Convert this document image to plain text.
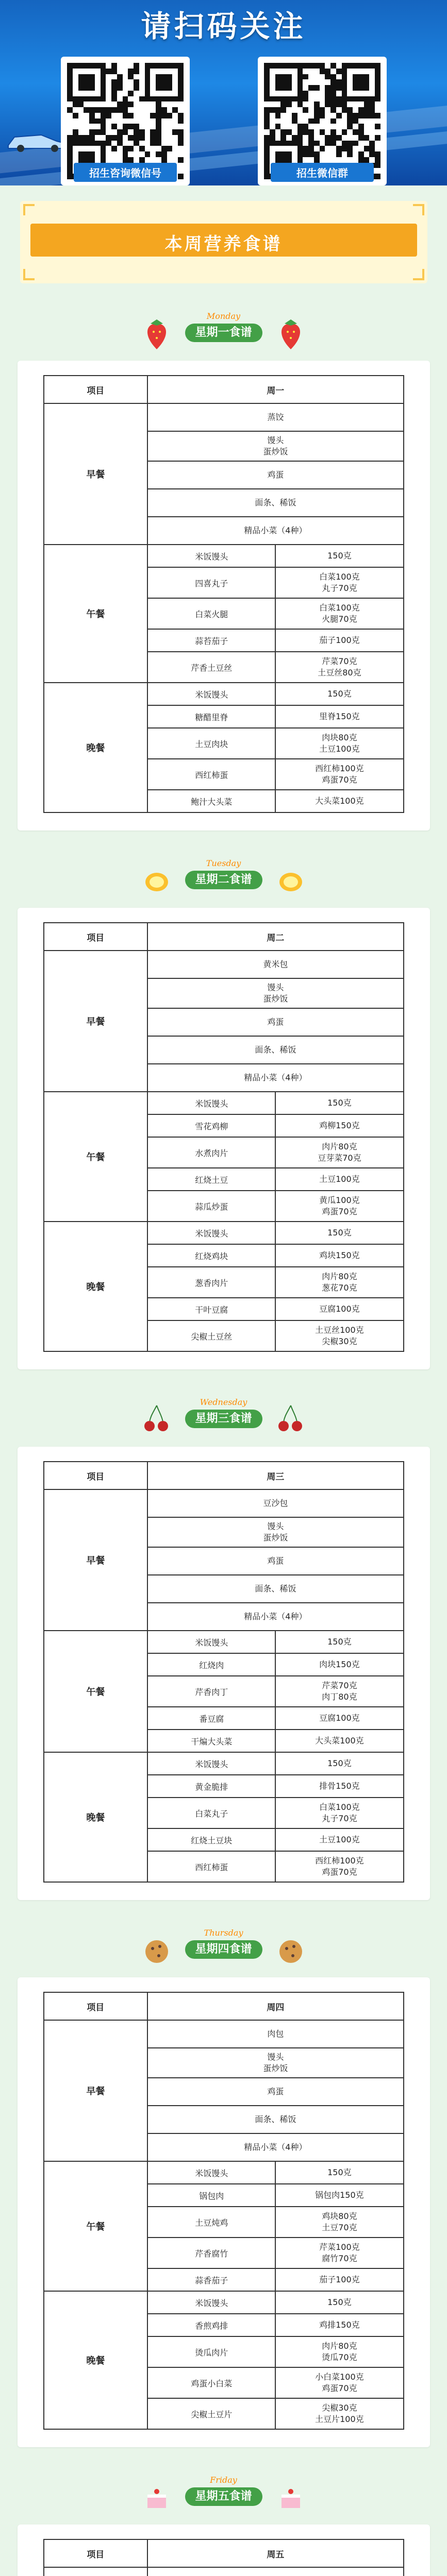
请扫码关注
招生咨询微信号	招生微信群
本周营养食谱
Monday
星期一食谱
项目	周一	
早餐	蒸饺	

	馒头
蛋炒饭	

	鸡蛋	

	面条、稀饭	

	精品小菜（4种）	

午餐	米饭馒头	150克

	四喜丸子	白菜100克
丸子70克

	白菜火腿	白菜100克
火腿70克

	蒜苔茄子	茄子100克

	芹香土豆丝	芹菜70克
土豆丝80克

晚餐	米饭馒头	150克

	糖醋里脊	里脊150克

	土豆肉块	肉块80克
土豆100克

	西红柿蛋	西红柿100克
鸡蛋70克

	鲍汁大头菜	大头菜100克
Tuesday
星期二食谱
项目	周二	
早餐	黄米包	

	馒头
蛋炒饭	

	鸡蛋	

	面条、稀饭	

	精品小菜（4种）	

午餐	米饭馒头	150克

	雪花鸡柳	鸡柳150克

	水煮肉片	肉片80克
豆芽菜70克

	红烧土豆	土豆100克

	蒜瓜炒蛋	黄瓜100克
鸡蛋70克

晚餐	米饭馒头	150克

	红烧鸡块	鸡块150克

	葱香肉片	肉片80克
葱花70克

	干叶豆腐	豆腐100克

	尖椒土豆丝	土豆丝100克
尖椒30克
Wednesday
星期三食谱
项目	周三	
早餐	豆沙包	

	馒头
蛋炒饭	

	鸡蛋	

	面条、稀饭	

	精品小菜（4种）	

午餐	米饭馒头	150克

	红烧肉	肉块150克

	芹香肉丁	芹菜70克
肉丁80克

	番豆腐	豆腐100克

	干煸大头菜	大头菜100克

晚餐	米饭馒头	150克

	黄金脆排	排骨150克

	白菜丸子	白菜100克
丸子70克

	红烧土豆块	土豆100克

	西红柿蛋	西红柿100克
鸡蛋70克
Thursday
星期四食谱
项目	周四	
早餐	肉包	

	馒头
蛋炒饭	

	鸡蛋	

	面条、稀饭	

	精品小菜（4种）	

午餐	米饭馒头	150克

	锅包肉	锅包肉150克

	土豆炖鸡	鸡块80克
土豆70克

	芹香腐竹	芹菜100克
腐竹70克

	蒜香茄子	茄子100克

晚餐	米饭馒头	150克

	香煎鸡排	鸡排150克

	烫瓜肉片	肉片80克
烫瓜70克

	鸡蛋小白菜	小白菜100克
鸡蛋70克

	尖椒土豆片	尖椒30克
土豆片100克
Friday
星期五食谱
项目	周五	
